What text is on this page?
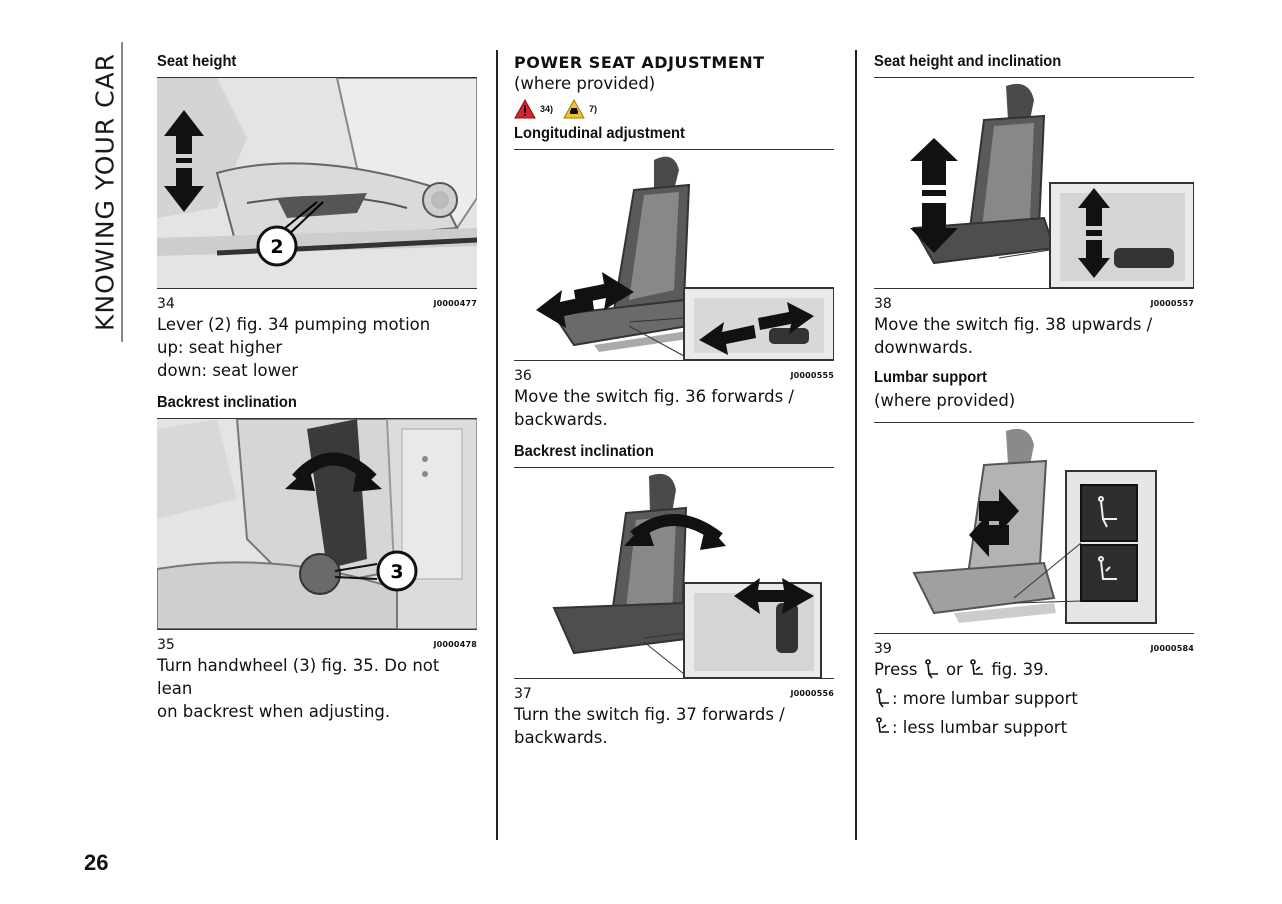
KNOWING YOUR CAR
26
Seat height
2
34	J0000477
Lever (2) fig. 34 pumping motion
up: seat higher
down: seat lower
Backrest inclination
3
35	J0000478
Turn handwheel (3) fig. 35. Do not lean
on backrest when adjusting.
POWER SEAT ADJUSTMENT
(where provided)
34)	7)
Longitudinal adjustment
36	J0000555
Move the switch fig. 36 forwards /
backwards.
Backrest inclination
37	J0000556
Turn the switch fig. 37 forwards /
backwards.
Seat height and inclination
38	J0000557
Move the switch fig. 38 upwards /
downwards.
Lumbar support
(where provided)
39	J0000584
Press or fig. 39.
: more lumbar support
: less lumbar support
